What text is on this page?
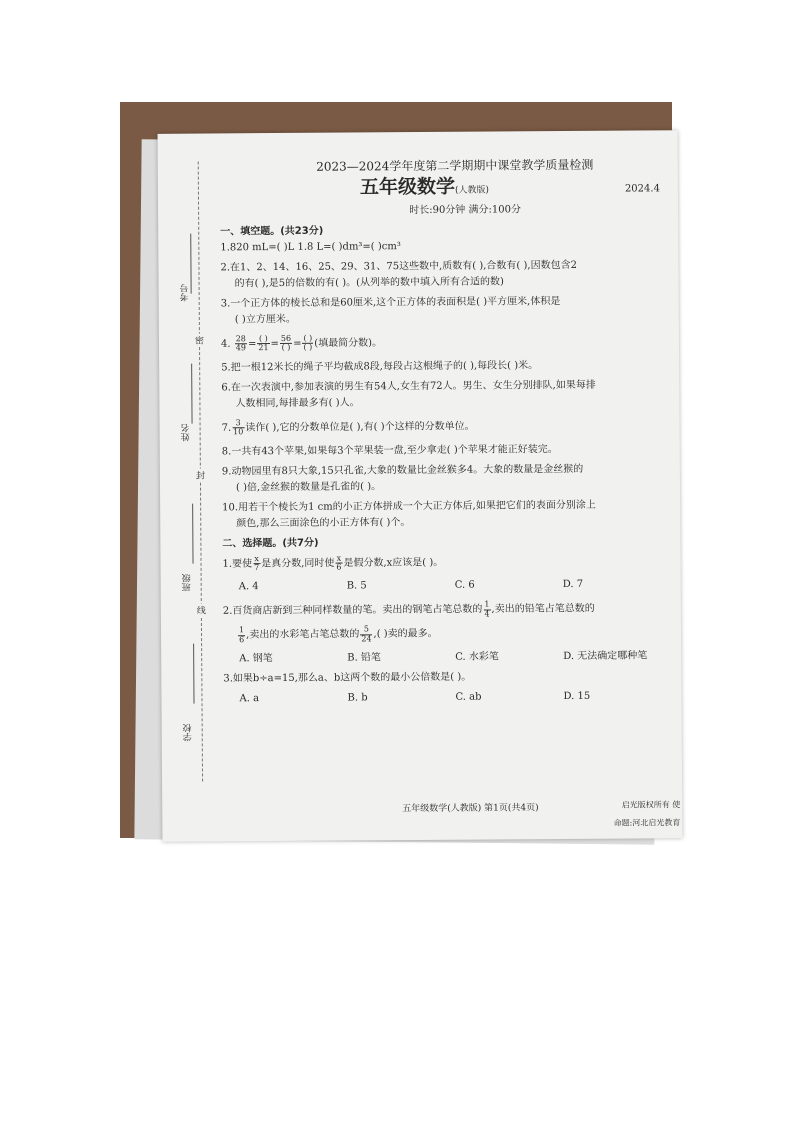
考号
密
姓名
封
班级
线
学校
2023—2024学年度第二学期期中课堂教学质量检测
五年级数学(人教版)	2024.4
时长:90分钟 满分:100分
一、填空题。(共23分)
1.820 mL=( )L 1.8 L=( )dm³=( )cm³
2.在1、2、14、16、25、29、31、75这些数中,质数有( ),合数有( ),因数包含2
的有( ),是5的倍数的有( )。(从列举的数中填入所有合适的数)
3.一个正方体的棱长总和是60厘米,这个正方体的表面积是( )平方厘米,体积是
( )立方厘米。
4. $\frac{28}{49} = \frac{( )}{21} = \frac{56}{( )} = \frac{( )}{( )}$ (填最简分数)。
5.把一根12米长的绳子平均截成8段,每段占这根绳子的( ),每段长( )米。
6.在一次表演中,参加表演的男生有54人,女生有72人。男生、女生分别排队,如果每排
人数相同,每排最多有( )人。
7. $\frac{3}{10}$ 读作( ),它的分数单位是( ),有( )个这样的分数单位。
8.一共有43个苹果,如果每3个苹果装一盘,至少拿走( )个苹果才能正好装完。
9.动物园里有8只大象,15只孔雀,大象的数量比金丝猴多4。大象的数量是金丝猴的
( )倍,金丝猴的数量是孔雀的( )。
10.用若干个棱长为1 cm的小正方体拼成一个大正方体后,如果把它们的表面分别涂上
颜色,那么三面涂色的小正方体有( )个。
二、选择题。(共7分)
1.要使 $\frac{x}{7}$ 是真分数,同时使 $\frac{x}{6}$ 是假分数,x应该是( )。
A. 4	B. 5	C. 6	D. 7
2.百货商店新到三种同样数量的笔。卖出的钢笔占笔总数的 $\frac{1}{4}$ ,卖出的铅笔占笔总数的
$\frac{1}{6}$ ,卖出的水彩笔占笔总数的 $\frac{5}{24}$ ,( )卖的最多。
A. 钢笔	B. 铅笔	C. 水彩笔	D. 无法确定哪种笔
3.如果b÷a=15,那么a、b这两个数的最小公倍数是( )。
A. a	B. b	C. ab	D. 15
五年级数学(人教版) 第1页(共4页)	启光版权所有 使
命题:河北启光教育
